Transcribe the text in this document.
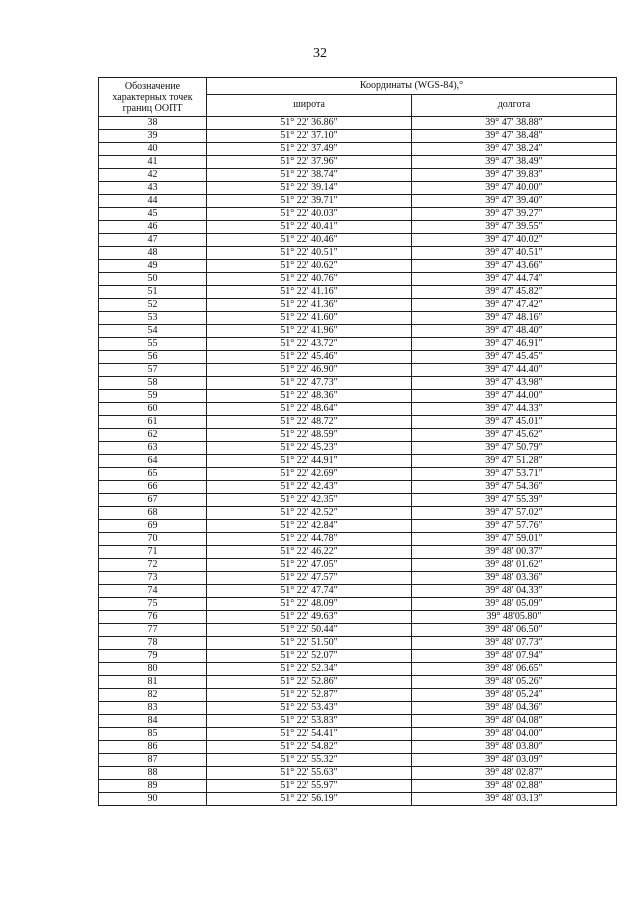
32
Обозначение характерных точек границ ООПТ	Координаты (WGS-84),°	
	широта	долгота
38	51° 22' 36.86"	39° 47' 38.88"
39	51° 22' 37.10"	39° 47' 38.48"
40	51° 22' 37.49"	39° 47' 38.24"
41	51° 22' 37.96"	39° 47' 38.49"
42	51° 22' 38.74"	39° 47' 39.83"
43	51° 22' 39.14"	39° 47' 40.00"
44	51° 22' 39.71"	39° 47' 39.40"
45	51° 22' 40.03"	39° 47' 39.27"
46	51° 22' 40.41"	39° 47' 39.55"
47	51° 22' 40.46"	39° 47' 40.02"
48	51° 22' 40.51"	39° 47' 40.51"
49	51° 22' 40.62"	39° 47' 43.66"
50	51° 22' 40.76"	39° 47' 44.74"
51	51° 22' 41.16"	39° 47' 45.82"
52	51° 22' 41.36"	39° 47' 47.42"
53	51° 22' 41.60"	39° 47' 48.16"
54	51° 22' 41.96"	39° 47' 48.40"
55	51° 22' 43.72"	39° 47' 46.91"
56	51° 22' 45.46"	39° 47' 45.45"
57	51° 22' 46.90"	39° 47' 44.40"
58	51° 22' 47.73"	39° 47' 43.98"
59	51° 22' 48.36"	39° 47' 44.00"
60	51° 22' 48.64"	39° 47' 44.33"
61	51° 22' 48.72"	39° 47' 45.01"
62	51° 22' 48.59"	39° 47' 45.62"
63	51° 22' 45.23"	39° 47' 50.79"
64	51° 22' 44.91"	39° 47' 51.28"
65	51° 22' 42.69"	39° 47' 53.71"
66	51° 22' 42.43"	39° 47' 54.36"
67	51° 22' 42.35"	39° 47' 55.39"
68	51° 22' 42.52"	39° 47' 57.02"
69	51° 22' 42.84"	39° 47' 57.76"
70	51° 22' 44.78"	39° 47' 59.01"
71	51° 22' 46.22"	39° 48' 00.37"
72	51° 22' 47.05"	39° 48' 01.62"
73	51° 22' 47.57"	39° 48' 03.36"
74	51° 22' 47.74"	39° 48' 04.33"
75	51° 22' 48.09"	39° 48' 05.09"
76	51° 22' 49.63"	39° 48'05.80"
77	51° 22' 50.44"	39° 48' 06.50"
78	51° 22' 51.50"	39° 48' 07.73"
79	51° 22' 52.07"	39° 48' 07.94"
80	51° 22' 52.34"	39° 48' 06.65"
81	51° 22' 52.86"	39° 48' 05.26"
82	51° 22' 52.87"	39° 48' 05.24"
83	51° 22' 53.43"	39° 48' 04.36"
84	51° 22' 53.83"	39° 48' 04.08"
85	51° 22' 54.41"	39° 48' 04.00"
86	51° 22' 54.82"	39° 48' 03.80"
87	51° 22' 55.32"	39° 48' 03.09"
88	51° 22' 55.63"	39° 48' 02.87"
89	51° 22' 55.97"	39° 48' 02.88"
90	51° 22' 56.19"	39° 48' 03.13"
